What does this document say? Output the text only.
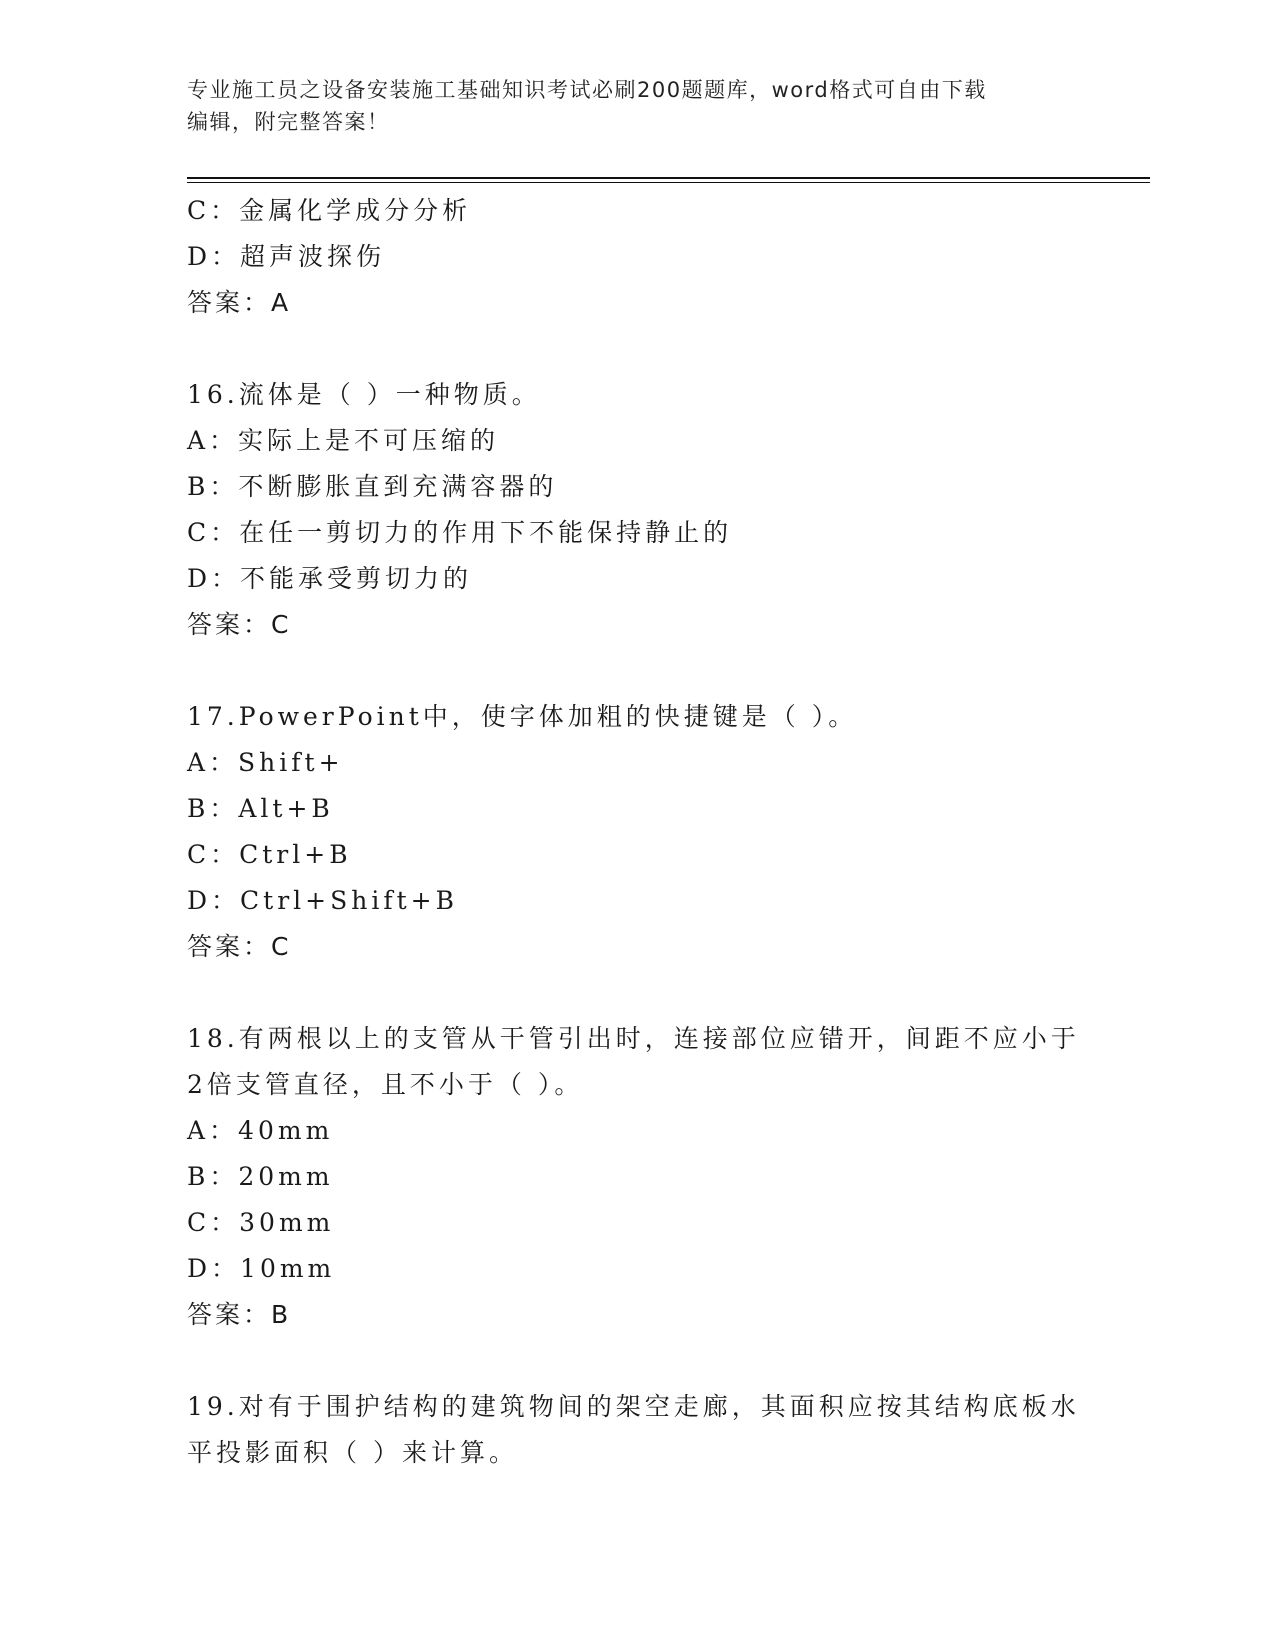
专业施工员之设备安装施工基础知识考试必刷200题题库，word格式可自由下载
编辑，附完整答案！
C：金属化学成分分析
D：超声波探伤
答案：A
16.流体是（ ）一种物质。
A：实际上是不可压缩的
B：不断膨胀直到充满容器的
C：在任一剪切力的作用下不能保持静止的
D：不能承受剪切力的
答案：C
17.PowerPoint中，使字体加粗的快捷键是（ ）。
A：Shift+
B：Alt+B
C：Ctrl+B
D：Ctrl+Shift+B
答案：C
18.有两根以上的支管从干管引出时，连接部位应错开，间距不应小于
2倍支管直径，且不小于（ ）。
A：40mm
B：20mm
C：30mm
D：10mm
答案：B
19.对有于围护结构的建筑物间的架空走廊，其面积应按其结构底板水
平投影面积（ ）来计算。
